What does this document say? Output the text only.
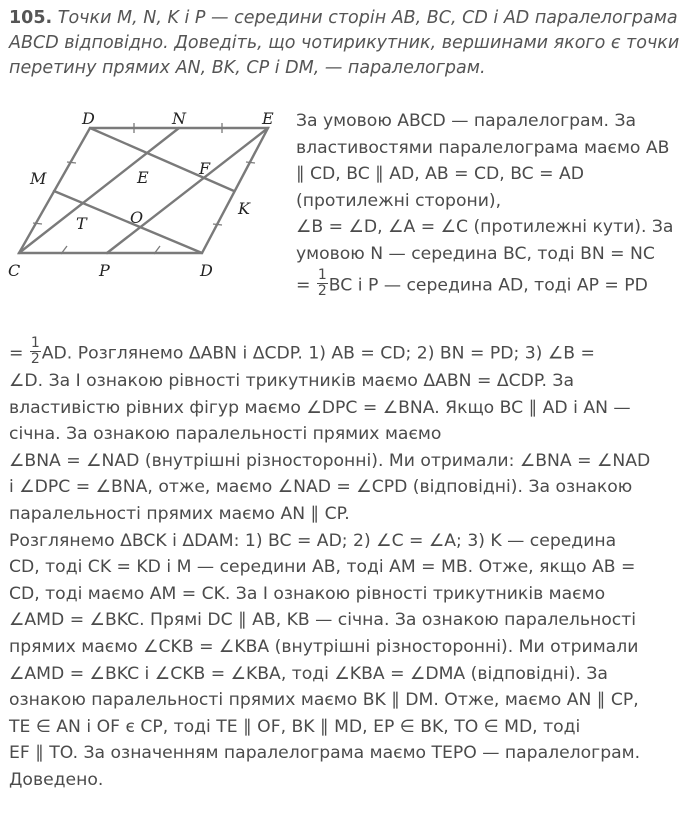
105. Точки M, N, K і P — середини сторін AB, BC, CD і AD паралелограма ABCD відповідно. Доведіть, що чотирикутник, вершинами якого є точки перетину прямих AN, BK, CP і DM, — паралелограм.
D	N	E
M	E	F
K
T	O
C	P	D
За умовою ABCD — паралелограм. За
властивостями паралелограма маємо AB
∥ CD, BC ∥ AD, AB = CD, BC = AD
(протилежні сторони),
∠B = ∠D, ∠A = ∠C (протилежні кути). За
умовою N — середина BC, тоді BN = NC
= $\frac{1}{2}$ BC і P — середина AD, тоді AP = PD
= $\frac{1}{2}$ AD. Розглянемо ΔABN і ΔCDP. 1) AB = CD; 2) BN = PD; 3) ∠B =
∠D. За І ознакою рівності трикутників маємо ΔABN = ΔCDP. За
властивістю рівних фігур маємо ∠DPC = ∠BNA. Якщо BC ∥ AD і AN —
січна. За ознакою паралельності прямих маємо
∠BNA = ∠NAD (внутрішні різносторонні). Ми отримали: ∠BNA = ∠NAD
і ∠DPC = ∠BNA, отже, маємо ∠NAD = ∠CPD (відповідні). За ознакою
паралельності прямих маємо AN ∥ CP.
Розглянемо ΔBCK і ΔDAM: 1) BC = AD; 2) ∠C = ∠A; 3) K — середина
CD, тоді CK = KD і M — середини AB, тоді AM = MB. Отже, якщо AB =
CD, тоді маємо AM = CK. За І ознакою рівності трикутників маємо
∠AMD = ∠BKC. Прямі DC ∥ AB, KB — січна. За ознакою паралельності
прямих маємо ∠CKB = ∠KBA (внутрішні різносторонні). Ми отримали
∠AMD = ∠BKC і ∠CKB = ∠KBA, тоді ∠KBA = ∠DMA (відповідні). За
ознакою паралельності прямих маємо BK ∥ DM. Отже, маємо AN ∥ CP,
TE ∈ AN і OF є CP, тоді TE ∥ OF, BK ∥ MD, EP ∈ BK, TO ∈ MD, тоді
EF ∥ TO. За означенням паралелограма маємо TEPO — паралелограм.
Доведено.
